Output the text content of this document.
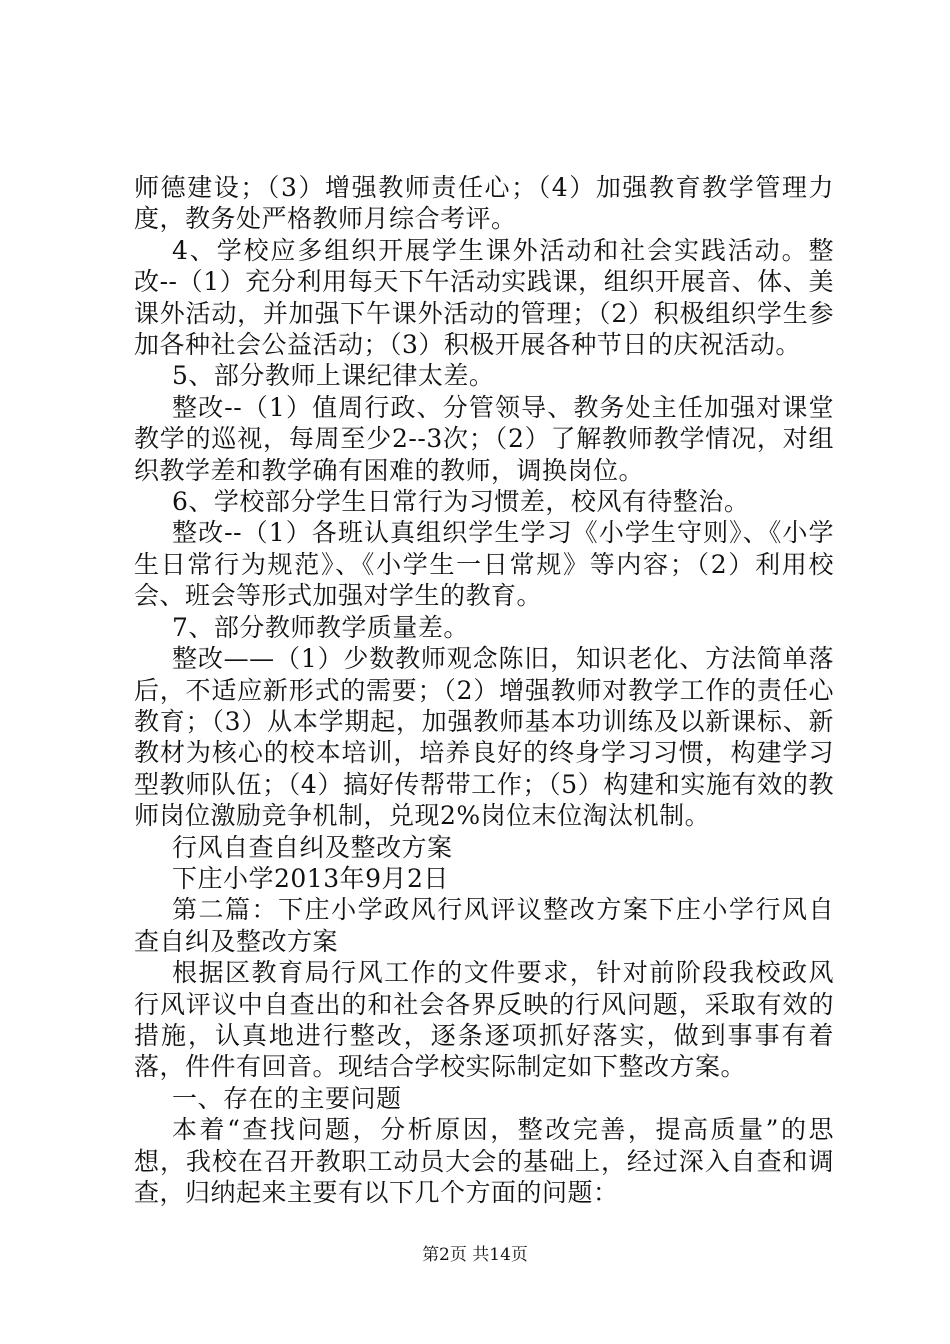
师德建设；（3）增强教师责任心；（4）加强教育教学管理力度，教务处严格教师月综合考评。

4、学校应多组织开展学生课外活动和社会实践活动。整改--（1）充分利用每天下午活动实践课，组织开展音、体、美课外活动，并加强下午课外活动的管理；（2）积极组织学生参加各种社会公益活动；（3）积极开展各种节日的庆祝活动。

5、部分教师上课纪律太差。

整改--（1）值周行政、分管领导、教务处主任加强对课堂教学的巡视，每周至少2--3次；（2）了解教师教学情况，对组织教学差和教学确有困难的教师，调换岗位。

6、学校部分学生日常行为习惯差，校风有待整治。

整改--（1）各班认真组织学生学习《小学生守则》、《小学生日常行为规范》、《小学生一日常规》等内容；（2）利用校会、班会等形式加强对学生的教育。

7、部分教师教学质量差。

整改——（1）少数教师观念陈旧，知识老化、方法简单落后，不适应新形式的需要；（2）增强教师对教学工作的责任心教育；（3）从本学期起，加强教师基本功训练及以新课标、新教材为核心的校本培训，培养良好的终身学习习惯，构建学习型教师队伍；（4）搞好传帮带工作；（5）构建和实施有效的教师岗位激励竞争机制，兑现2%岗位末位淘汰机制。

行风自查自纠及整改方案

下庄小学2013年9月2日

第二篇：下庄小学政风行风评议整改方案下庄小学行风自查自纠及整改方案

根据区教育局行风工作的文件要求，针对前阶段我校政风行风评议中自查出的和社会各界反映的行风问题，采取有效的措施，认真地进行整改，逐条逐项抓好落实，做到事事有着落，件件有回音。现结合学校实际制定如下整改方案。

一、存在的主要问题

本着“查找问题，分析原因，整改完善，提高质量”的思想，我校在召开教职工动员大会的基础上，经过深入自查和调查，归纳起来主要有以下几个方面的问题：

第2页 共14页
